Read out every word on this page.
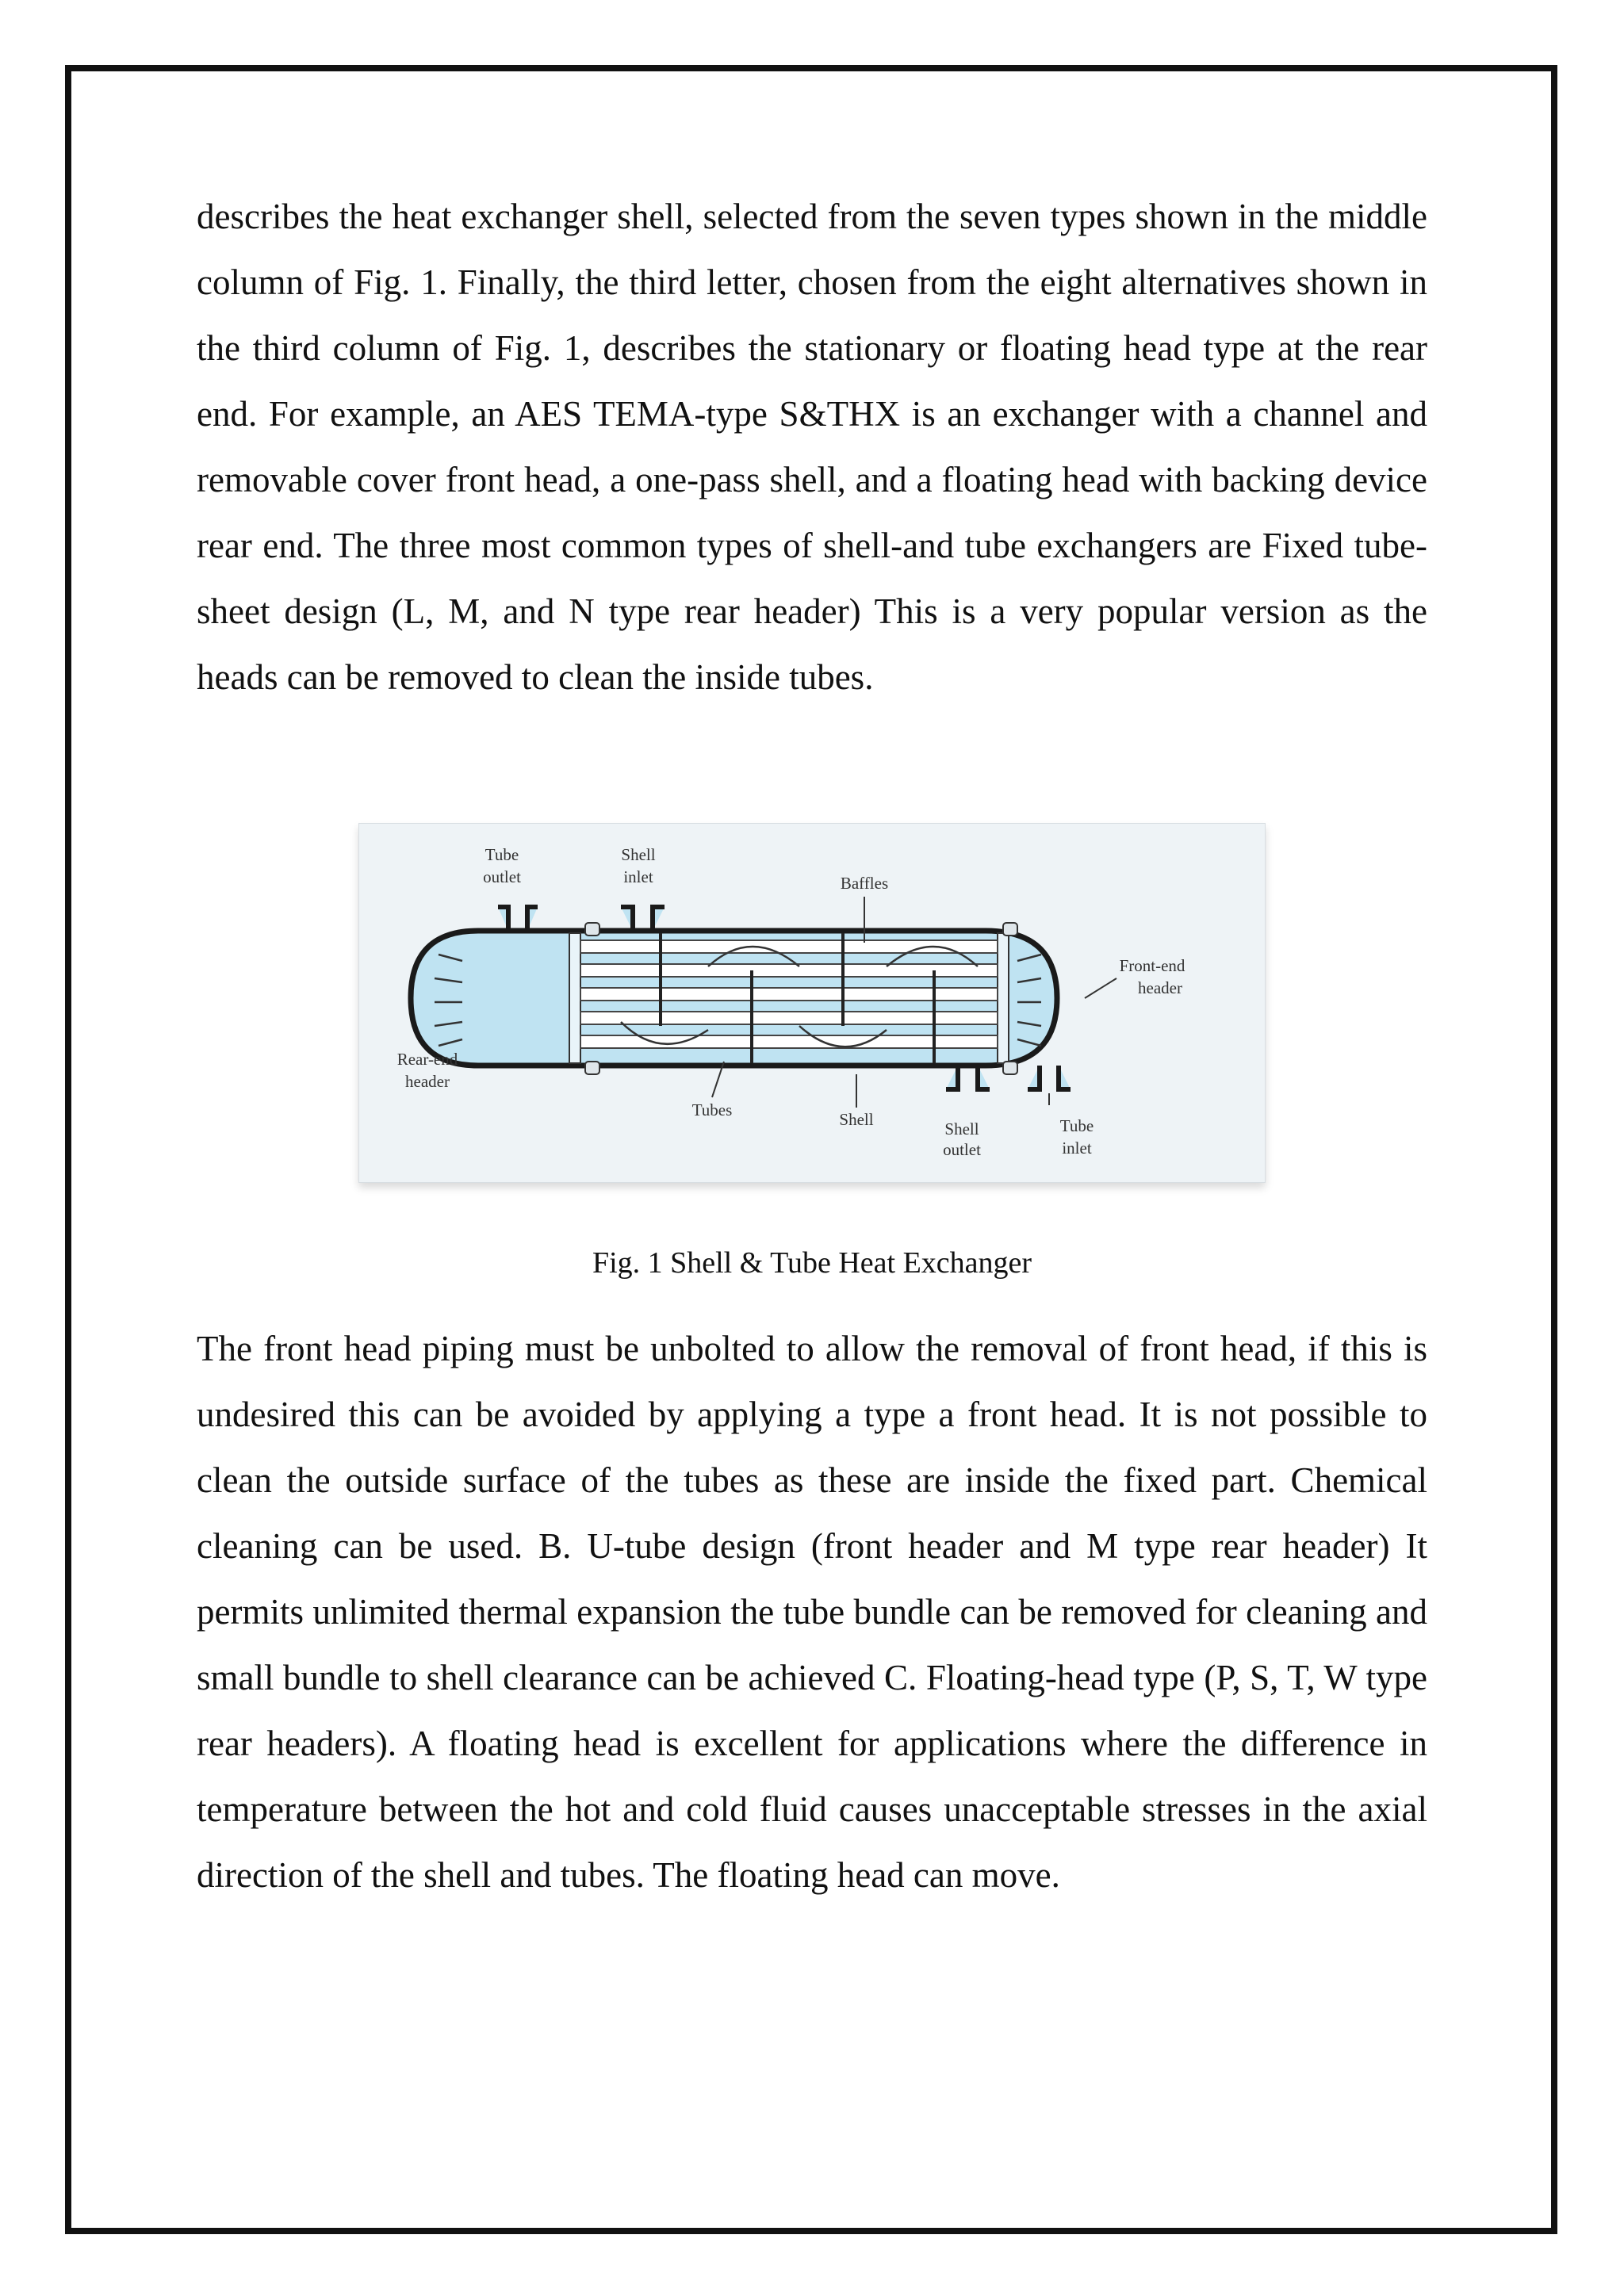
describes the heat exchanger shell, selected from the seven types shown in the middle column of Fig. 1. Finally, the third letter, chosen from the eight alternatives shown in the third column of Fig. 1, describes the stationary or floating head type at the rear end. For example, an AES TEMA-type S&THX is an exchanger with a channel and removable cover front head, a one-pass shell, and a floating head with backing device rear end. The three most common types of shell-and tube exchangers are Fixed tube-sheet design (L, M, and N type rear header) This is a very popular version as the heads can be removed to clean the inside tubes.

Tube
outlet
Shell
inlet	Baffles
Front-end
header
Rear-end
header
Tubes	Shell	Shell
outlet
Tube
inlet
Fig. 1 Shell & Tube Heat Exchanger

The front head piping must be unbolted to allow the removal of front head, if this is undesired this can be avoided by applying a type a front head. It is not possible to clean the outside surface of the tubes as these are inside the fixed part. Chemical cleaning can be used. B. U-tube design (front header and M type rear header) It permits unlimited thermal expansion the tube bundle can be removed for cleaning and small bundle to shell clearance can be achieved C. Floating-head type (P, S, T, W type rear headers). A floating head is excellent for applications where the difference in temperature between the hot and cold fluid causes unacceptable stresses in the axial direction of the shell and tubes. The floating head can move.
